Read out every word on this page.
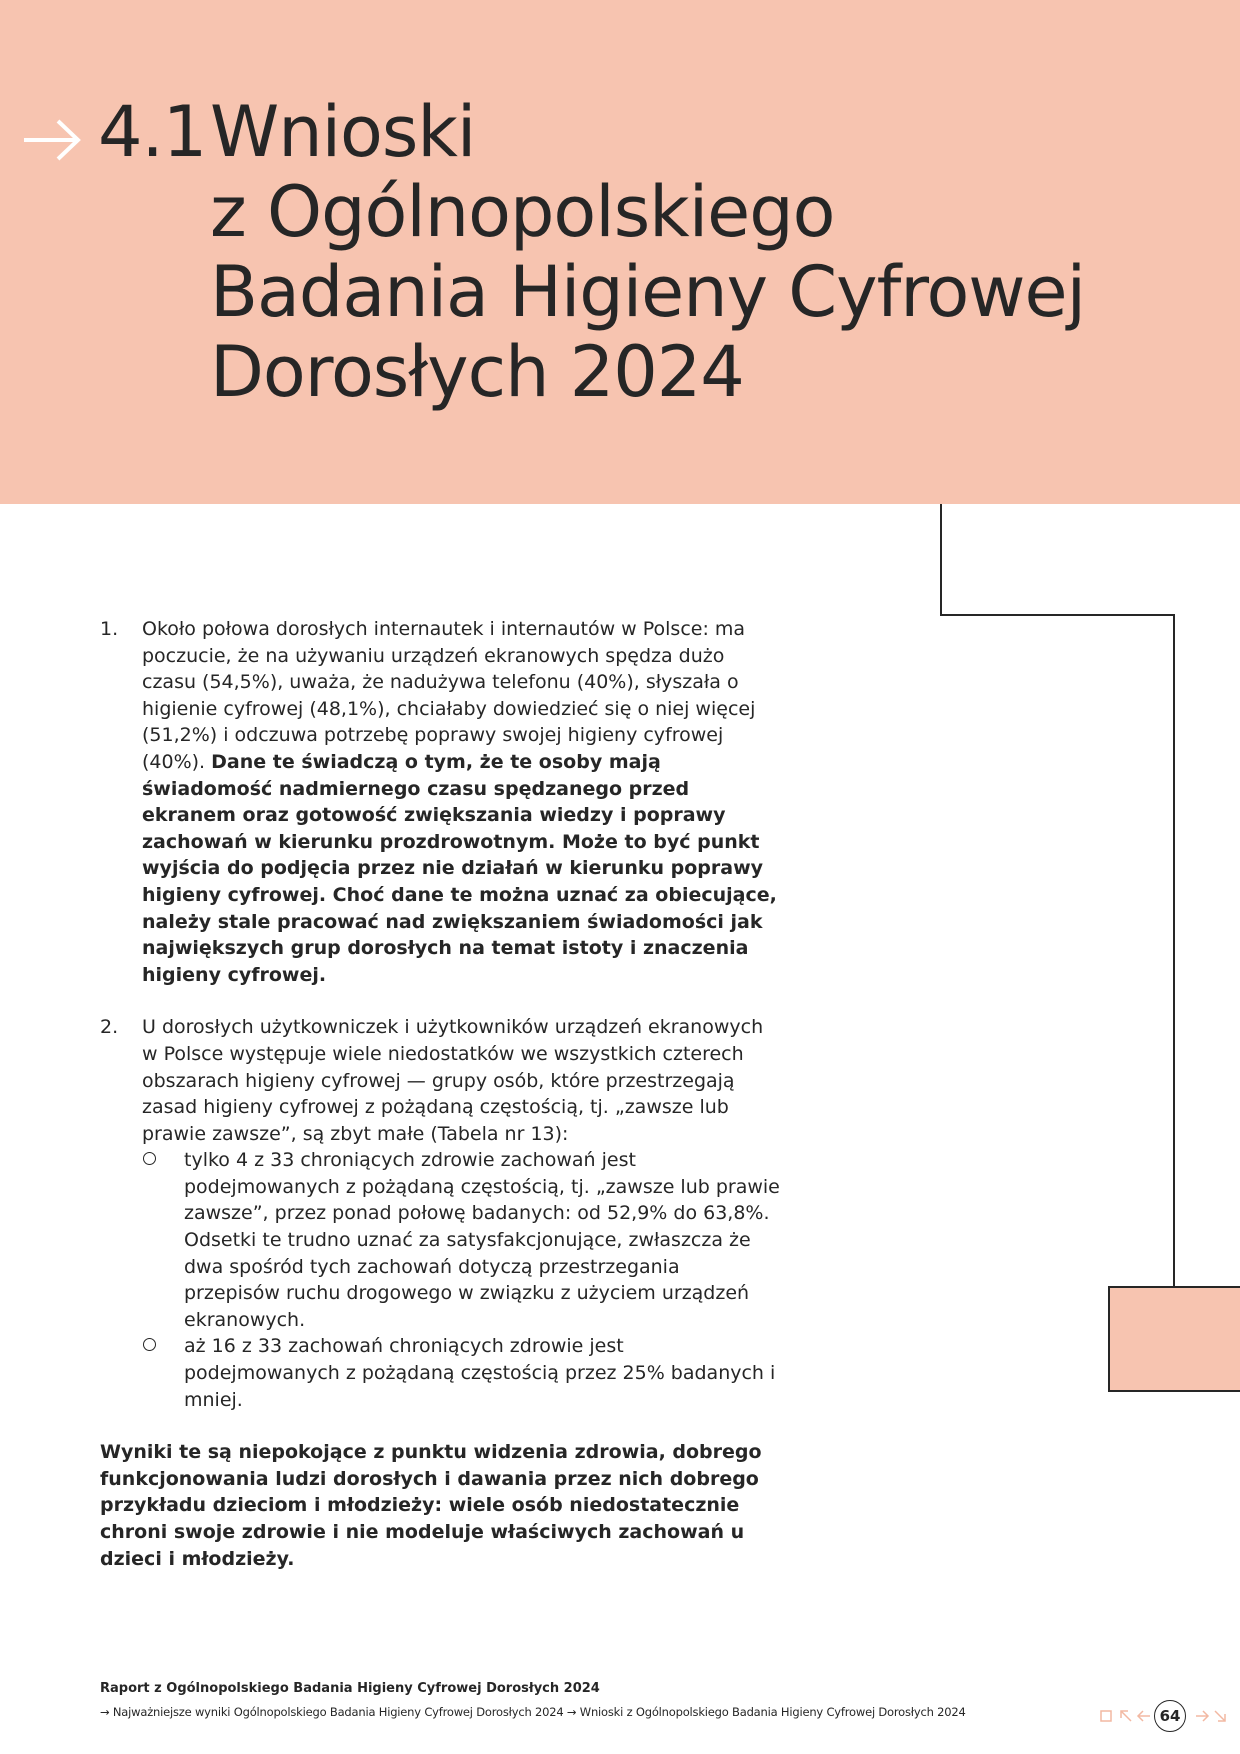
4.1 Wnioski
z Ogólnopolskiego
Badania Higieny Cyfrowej
Dorosłych 2024
1. Około połowa dorosłych internautek i internautów w Polsce: ma poczucie, że na używaniu urządzeń ekranowych spędza dużo czasu (54,5%), uważa, że nadużywa telefonu (40%), słyszała o higienie cyfrowej (48,1%), chciałaby dowiedzieć się o niej więcej (51,2%) i odczuwa potrzebę poprawy swojej higieny cyfrowej (40%). Dane te świadczą o tym, że te osoby mają świadomość nadmiernego czasu spędzanego przed ekranem oraz gotowość zwiększania wiedzy i poprawy zachowań w kierunku prozdrowotnym. Może to być punkt wyjścia do podjęcia przez nie działań w kierunku poprawy higieny cyfrowej. Choć dane te można uznać za obiecujące, należy stale pracować nad zwiększaniem świadomości jak największych grup dorosłych na temat istoty i znaczenia higieny cyfrowej.

2. U dorosłych użytkowniczek i użytkowników urządzeń ekranowych w Polsce występuje wiele niedostatków we wszystkich czterech obszarach higieny cyfrowej — grupy osób, które przestrzegają zasad higieny cyfrowej z pożądaną częstością, tj. „zawsze lub prawie zawsze”, są zbyt małe (Tabela nr 13):

tylko 4 z 33 chroniących zdrowie zachowań jest podejmowanych z pożądaną częstością, tj. „zawsze lub prawie zawsze”, przez ponad połowę badanych: od 52,9% do 63,8%. Odsetki te trudno uznać za satysfakcjonujące, zwłaszcza że dwa spośród tych zachowań dotyczą przestrzegania przepisów ruchu drogowego w związku z użyciem urządzeń ekranowych.
aż 16 z 33 zachowań chroniących zdrowie jest podejmowanych z pożądaną częstością przez 25% badanych i mniej.

Wyniki te są niepokojące z punktu widzenia zdrowia, dobrego funkcjonowania ludzi dorosłych i dawania przez nich dobrego przykładu dzieciom i młodzieży: wiele osób niedostatecznie chroni swoje zdrowie i nie modeluje właściwych zachowań u dzieci i młodzieży.

Raport z Ogólnopolskiego Badania Higieny Cyfrowej Dorosłych 2024
→ Najważniejsze wyniki Ogólnopolskiego Badania Higieny Cyfrowej Dorosłych 2024 → Wnioski z Ogólnopolskiego Badania Higieny Cyfrowej Dorosłych 2024	64
